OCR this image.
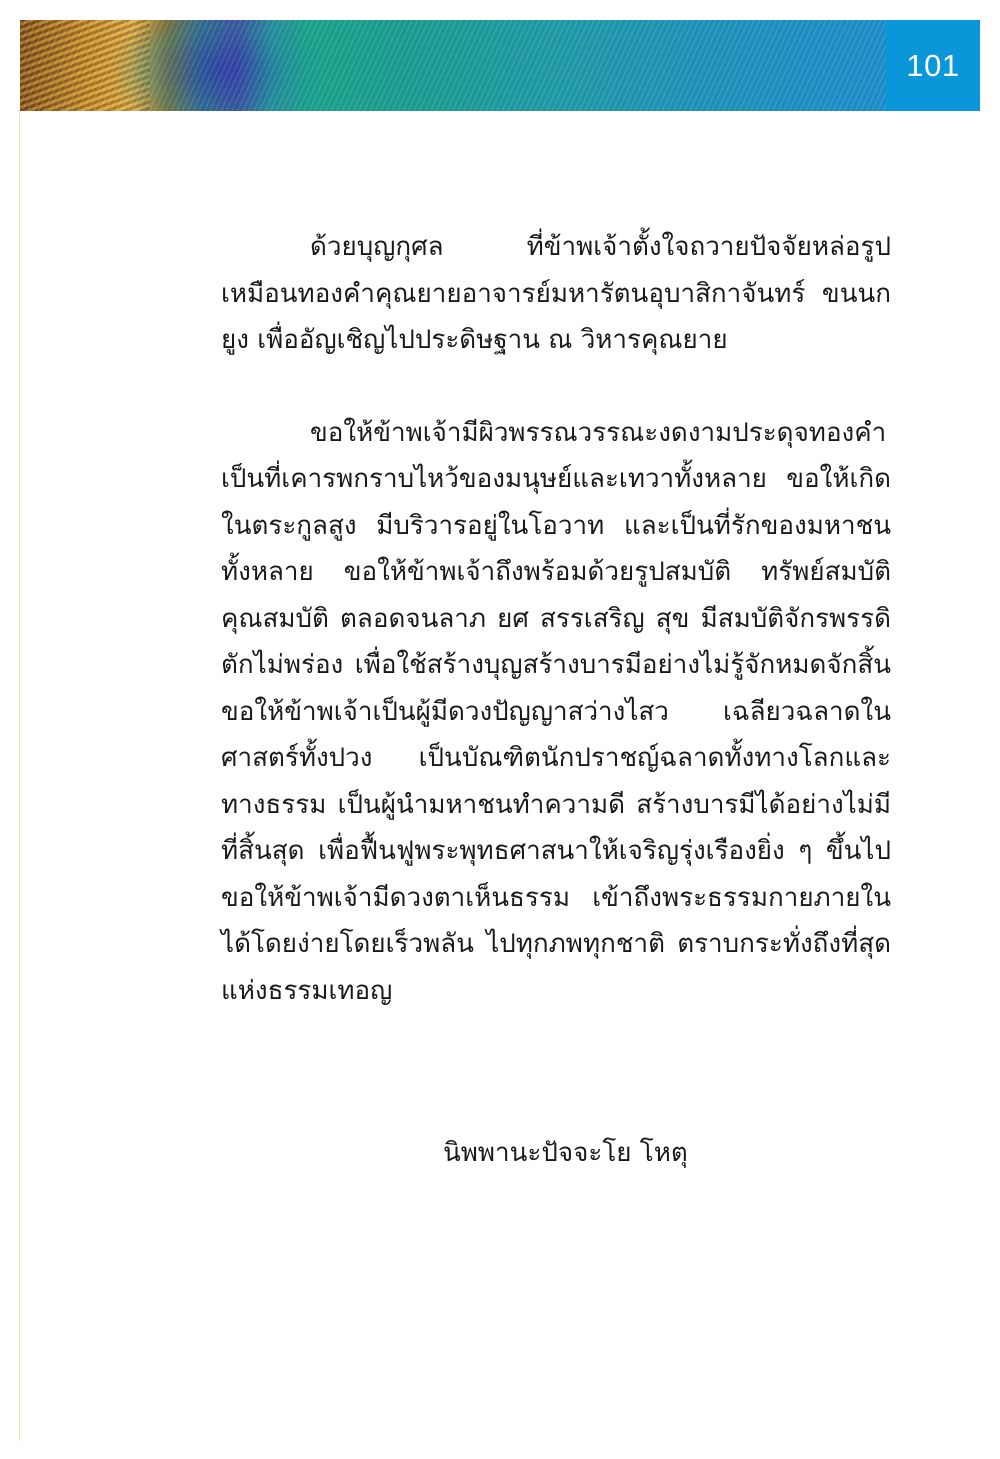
101

ด้วยบุญกุศล ที่ข้าพเจ้าตั้งใจถวายปัจจัยหล่อรูปเหมือนทองคำคุณยายอาจารย์มหารัตนอุบาสิกาจันทร์ ขนนกยูง เพื่ออัญเชิญไปประดิษฐาน ณ วิหารคุณยาย

ขอให้ข้าพเจ้ามีผิวพรรณวรรณะงดงามประดุจทองคำเป็นที่เคารพกราบไหว้ของมนุษย์และเทวาทั้งหลาย ขอให้เกิดในตระกูลสูง มีบริวารอยู่ในโอวาท และเป็นที่รักของมหาชนทั้งหลาย ขอให้ข้าพเจ้าถึงพร้อมด้วยรูปสมบัติ ทรัพย์สมบัติ คุณสมบัติ ตลอดจนลาภ ยศ สรรเสริญ สุข มีสมบัติจักรพรรดิตักไม่พร่อง เพื่อใช้สร้างบุญสร้างบารมีอย่างไม่รู้จักหมดจักสิ้น ขอให้ข้าพเจ้าเป็นผู้มีดวงปัญญาสว่างไสว เฉลียวฉลาดในศาสตร์ทั้งปวง เป็นบัณฑิตนักปราชญ์ฉลาดทั้งทางโลกและทางธรรม เป็นผู้นำมหาชนทำความดี สร้างบารมีได้อย่างไม่มีที่สิ้นสุด เพื่อฟื้นฟูพระพุทธศาสนาให้เจริญรุ่งเรืองยิ่ง ๆ ขึ้นไป ขอให้ข้าพเจ้ามีดวงตาเห็นธรรม เข้าถึงพระธรรมกายภายในได้โดยง่ายโดยเร็วพลัน ไปทุกภพทุกชาติ ตราบกระทั่งถึงที่สุดแห่งธรรมเทอญ

นิพพานะปัจจะโย โหตุ
